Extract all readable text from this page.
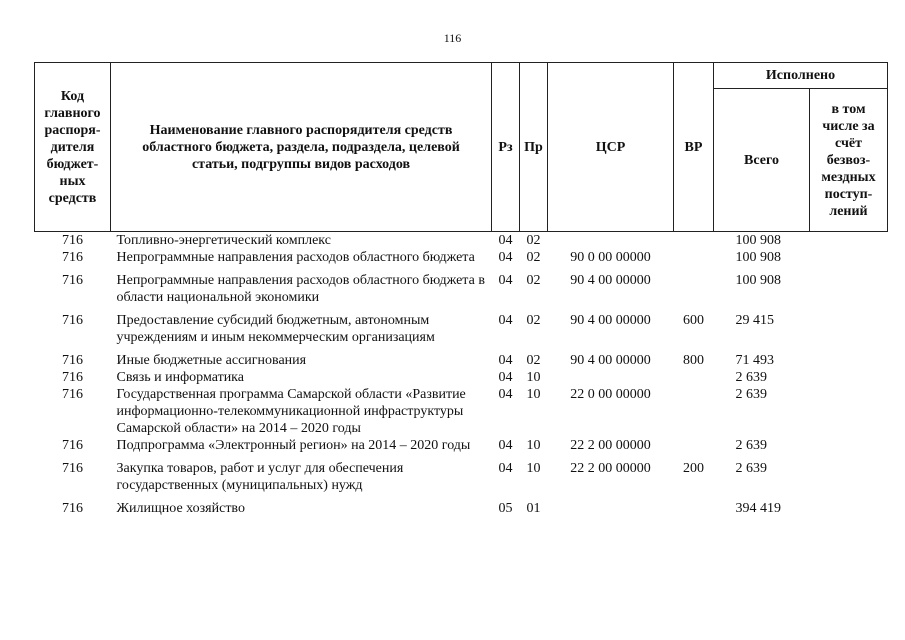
116
Код главного распоря-дителя бюджет-ных средств	Наименование главного распорядителя средств областного бюджета, раздела, подраздела, целевой статьи, подгруппы видов расходов	Рз	Пр	ЦСР	ВР	Исполнено	
						Всего	в том числе за счёт безвоз-мездных поступ-лений
716	Топливно-энергетический комплекс	04	02			100 908	
716	Непрограммные направления расходов областного бюджета	04	02	90 0 00 00000		100 908	
716	Непрограммные направления расходов областного бюджета в области национальной экономики	04	02	90 4 00 00000		100 908	
716	Предоставление субсидий бюджетным, автономным учреждениям и иным некоммерческим организациям	04	02	90 4 00 00000	600	29 415	
716	Иные бюджетные ассигнования	04	02	90 4 00 00000	800	71 493	
716	Связь и информатика	04	10			2 639	
716	Государственная программа Самарской области «Развитие информационно-телекоммуникационной инфраструктуры Самарской области» на 2014 – 2020 годы	04	10	22 0 00 00000		2 639	
716	Подпрограмма «Электронный регион» на 2014 – 2020 годы	04	10	22 2 00 00000		2 639	
716	Закупка товаров, работ и услуг для обеспечения государственных (муниципальных) нужд	04	10	22 2 00 00000	200	2 639	
716	Жилищное хозяйство	05	01			394 419	
